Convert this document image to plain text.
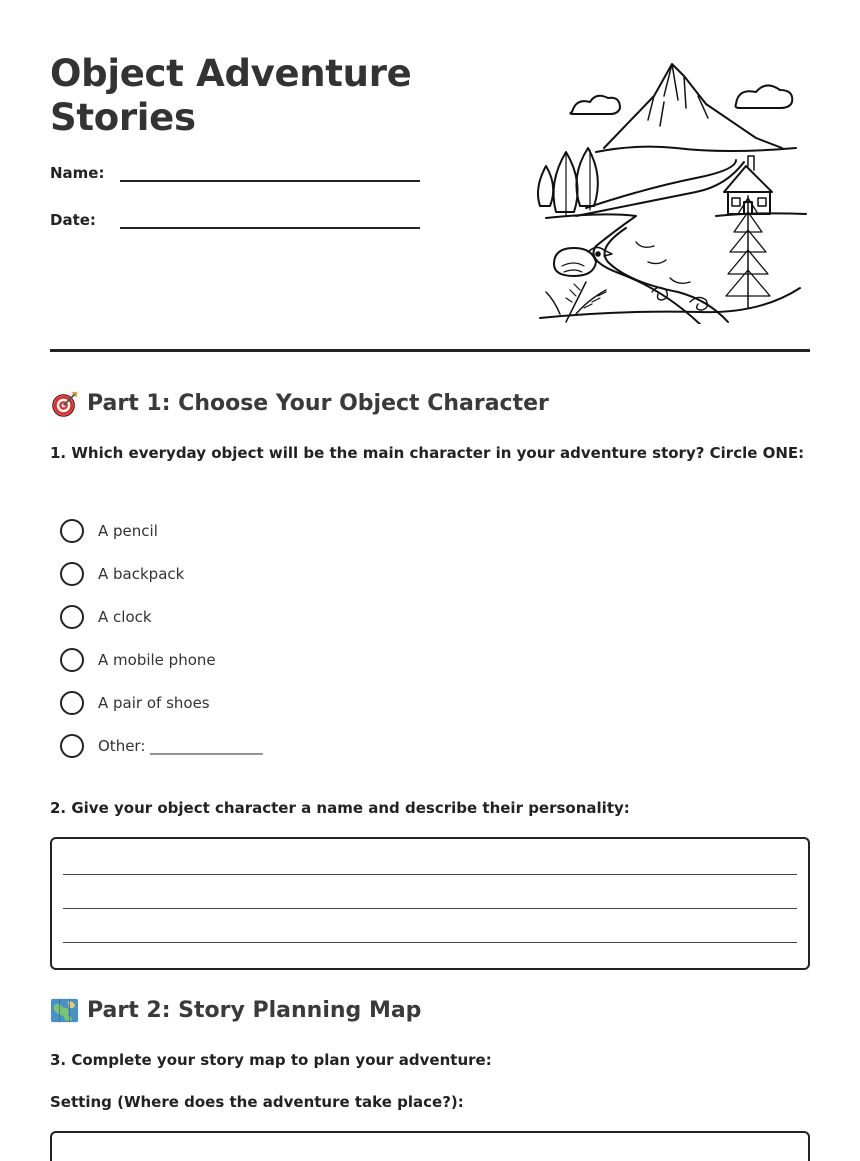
Object Adventure Stories
Name:
Date:
Part 1: Choose Your Object Character
1. Which everyday object will be the main character in your adventure story? Circle ONE:
A pencil
A backpack
A clock
A mobile phone
A pair of shoes
Other: _______________
2. Give your object character a name and describe their personality:
Part 2: Story Planning Map
3. Complete your story map to plan your adventure:
Setting (Where does the adventure take place?):
